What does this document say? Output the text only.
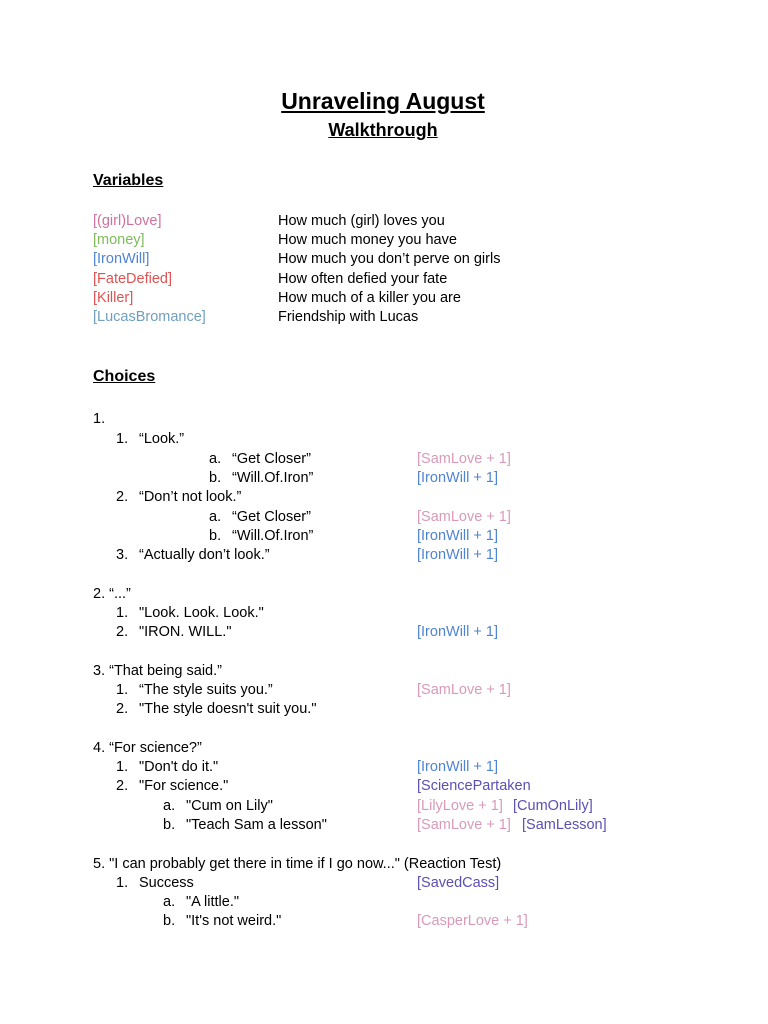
Unraveling August
Walkthrough
Variables
[(girl)Love]	How much (girl) loves you
[money]	How much money you have
[IronWill]	How much you don’t perve on girls
[FateDefied]	How often defied your fate
[Killer]	How much of a killer you are
[LucasBromance]	Friendship with Lucas
Choices
1.
1. “Look.”
a. “Get Closer”	[SamLove + 1]
b. “Will.Of.Iron”	[IronWill + 1]
2. “Don’t not look.”
a. “Get Closer”	[SamLove + 1]
b. “Will.Of.Iron”	[IronWill + 1]
3. “Actually don’t look.”	[IronWill + 1]
2. “...”
1. "Look. Look. Look."
2. "IRON. WILL."	[IronWill + 1]
3. “That being said.”
1. “The style suits you.”	[SamLove + 1]
2. "The style doesn't suit you."
4. “For science?”
1. "Don't do it."	[IronWill + 1]
2. "For science."	[SciencePartaken
a. "Cum on Lily"	[LilyLove + 1] [CumOnLily]
b. "Teach Sam a lesson"	[SamLove + 1] [SamLesson]
5. "I can probably get there in time if I go now..." (Reaction Test)
1. Success	[SavedCass]
a. "A little."
b. "It's not weird."	[CasperLove + 1]
